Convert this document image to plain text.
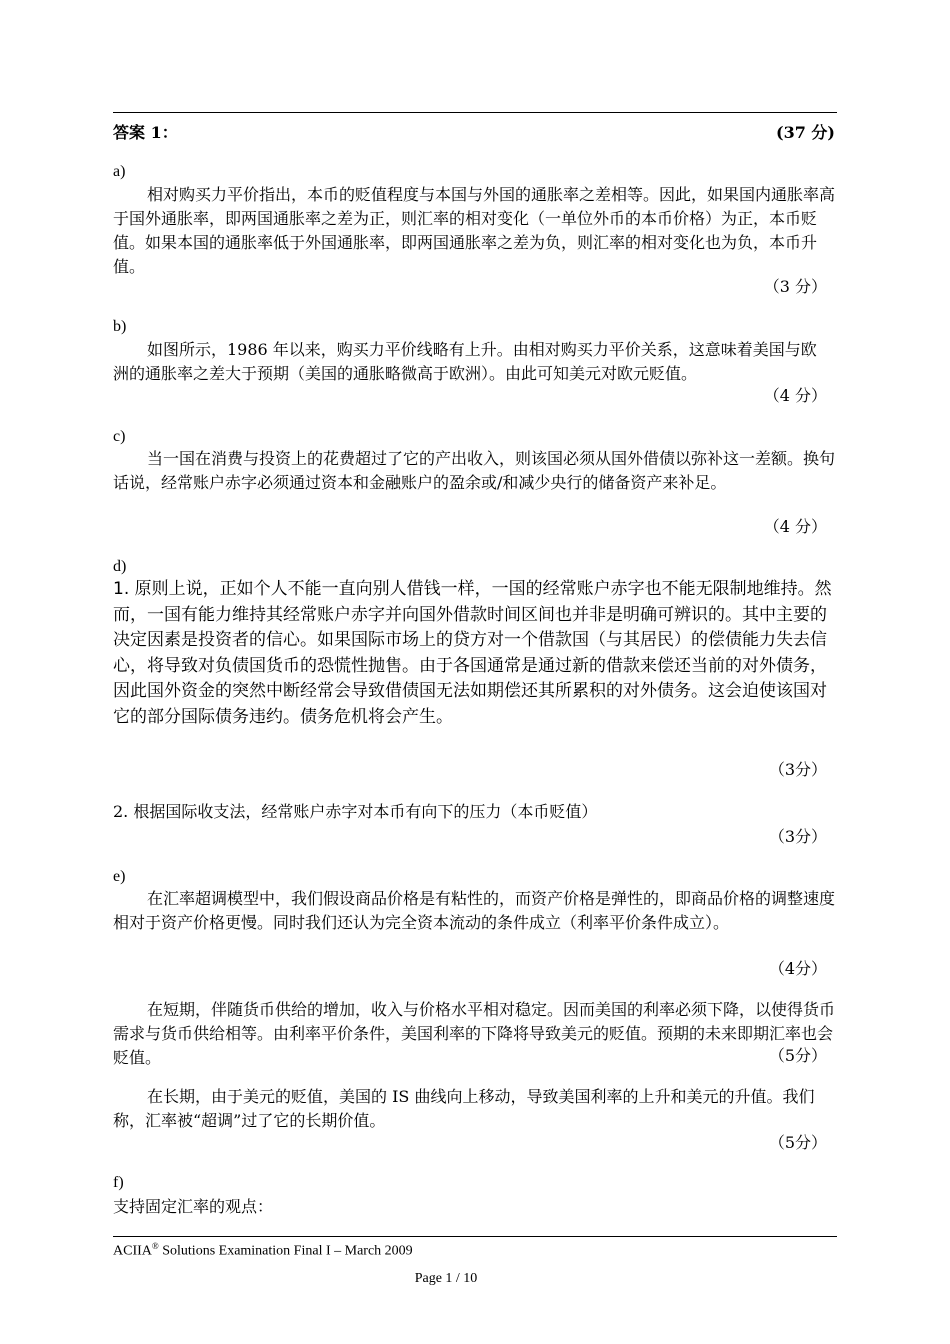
答案 1：	(37 分)
a)
相对购买力平价指出，本币的贬值程度与本国与外国的通胀率之差相等。因此，如果国内通胀率高于国外通胀率，即两国通胀率之差为正，则汇率的相对变化（一单位外币的本币价格）为正，本币贬值。如果本国的通胀率低于外国通胀率，即两国通胀率之差为负，则汇率的相对变化也为负，本币升值。
（3 分）
b)
如图所示，1986 年以来，购买力平价线略有上升。由相对购买力平价关系，这意味着美国与欧洲的通胀率之差大于预期（美国的通胀略微高于欧洲）。由此可知美元对欧元贬值。
（4 分）
c)
当一国在消费与投资上的花费超过了它的产出收入，则该国必须从国外借债以弥补这一差额。换句话说，经常账户赤字必须通过资本和金融账户的盈余或/和减少央行的储备资产来补足。
（4 分）
d)
1. 原则上说，正如个人不能一直向别人借钱一样，一国的经常账户赤字也不能无限制地维持。然而，一国有能力维持其经常账户赤字并向国外借款时间区间也并非是明确可辨识的。其中主要的决定因素是投资者的信心。如果国际市场上的贷方对一个借款国（与其居民）的偿债能力失去信心，将导致对负债国货币的恐慌性抛售。由于各国通常是通过新的借款来偿还当前的对外债务，因此国外资金的突然中断经常会导致借债国无法如期偿还其所累积的对外债务。这会迫使该国对它的部分国际债务违约。债务危机将会产生。
（3分）
2. 根据国际收支法，经常账户赤字对本币有向下的压力（本币贬值）
（3分）
e)
在汇率超调模型中，我们假设商品价格是有粘性的，而资产价格是弹性的，即商品价格的调整速度相对于资产价格更慢。同时我们还认为完全资本流动的条件成立（利率平价条件成立）。
（4分）
在短期，伴随货币供给的增加，收入与价格水平相对稳定。因而美国的利率必须下降，以使得货币需求与货币供给相等。由利率平价条件，美国利率的下降将导致美元的贬值。预期的未来即期汇率也会贬值。	（5分）
在长期，由于美元的贬值，美国的 IS 曲线向上移动，导致美国利率的上升和美元的升值。我们称，汇率被“超调”过了它的长期价值。
（5分）
f)
支持固定汇率的观点：
ACIIA® Solutions Examination Final I – March 2009
Page 1 / 10
